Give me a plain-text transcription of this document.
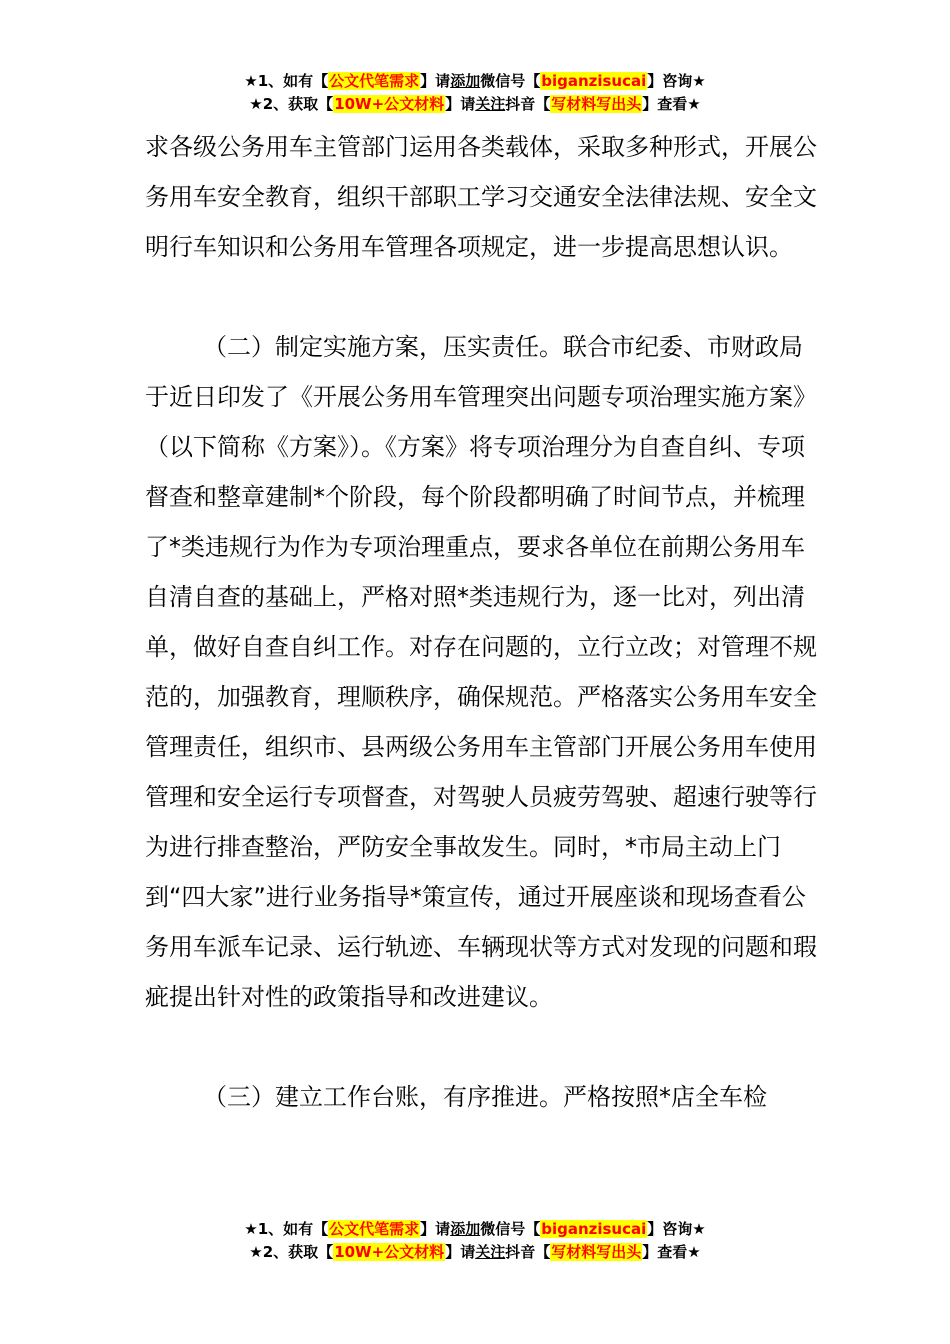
★1、如有【公文代笔需求】请添加微信号【biganzisucai】咨询★
★2、获取【10W+公文材料】请关注抖音【写材料写出头】查看★

求各级公务用车主管部门运用各类载体，采取多种形式，开展公务用车安全教育，组织干部职工学习交通安全法律法规、安全文明行车知识和公务用车管理各项规定，进一步提高思想认识。

（二）制定实施方案，压实责任。联合市纪委、市财政局于近日印发了《开展公务用车管理突出问题专项治理实施方案》（以下简称《方案》）。《方案》将专项治理分为自查自纠、专项督查和整章建制*个阶段，每个阶段都明确了时间节点，并梳理了*类违规行为作为专项治理重点，要求各单位在前期公务用车自清自查的基础上，严格对照*类违规行为，逐一比对，列出清单，做好自查自纠工作。对存在问题的，立行立改；对管理不规范的，加强教育，理顺秩序，确保规范。严格落实公务用车安全管理责任，组织市、县两级公务用车主管部门开展公务用车使用管理和安全运行专项督查，对驾驶人员疲劳驾驶、超速行驶等行为进行排查整治，严防安全事故发生。同时，*市局主动上门到“四大家”进行业务指导*策宣传，通过开展座谈和现场查看公务用车派车记录、运行轨迹、车辆现状等方式对发现的问题和瑕疵提出针对性的政策指导和改进建议。

（三）建立工作台账，有序推进。严格按照*店全车检

★1、如有【公文代笔需求】请添加微信号【biganzisucai】咨询★
★2、获取【10W+公文材料】请关注抖音【写材料写出头】查看★
